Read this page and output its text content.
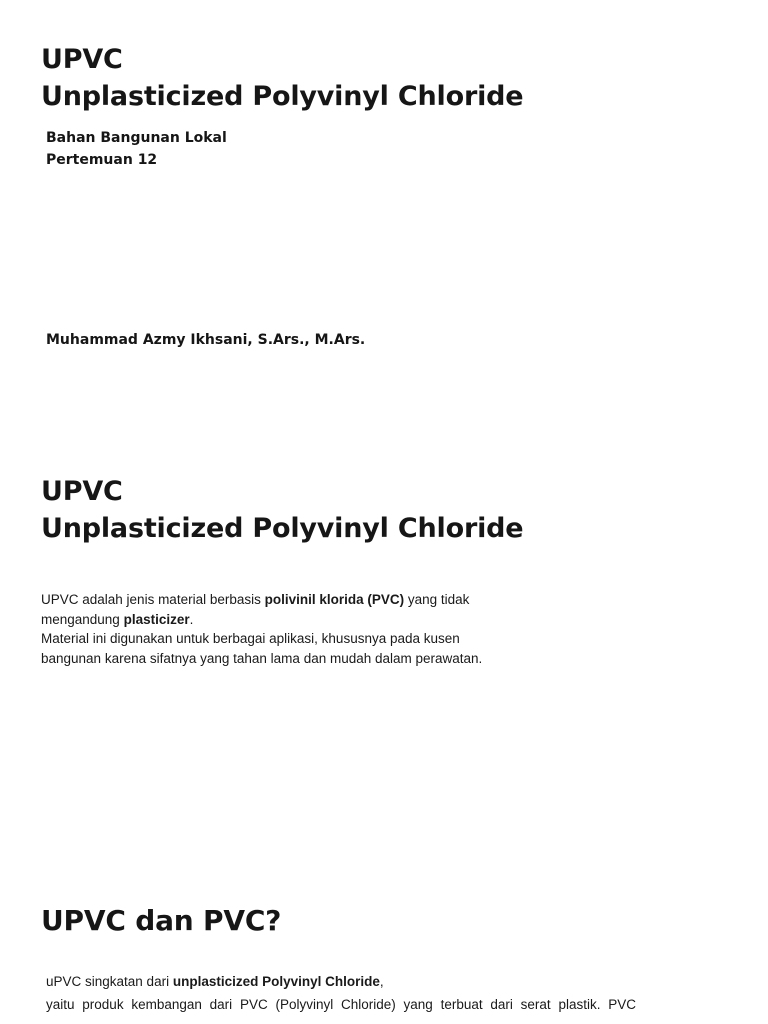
UPVC
Unplasticized Polyvinyl Chloride
Bahan Bangunan Lokal
Pertemuan 12
Muhammad Azmy Ikhsani, S.Ars., M.Ars.
UPVC
Unplasticized Polyvinyl Chloride

UPVC adalah jenis material berbasis polivinil klorida (PVC) yang tidak mengandung plasticizer.

Material ini digunakan untuk berbagai aplikasi, khususnya pada kusen bangunan karena sifatnya yang tahan lama dan mudah dalam perawatan.

UPVC dan PVC?

uPVC singkatan dari unplasticized Polyvinyl Chloride,

yaitu produk kembangan dari PVC (Polyvinyl Chloride) yang terbuat dari serat plastik. PVC
